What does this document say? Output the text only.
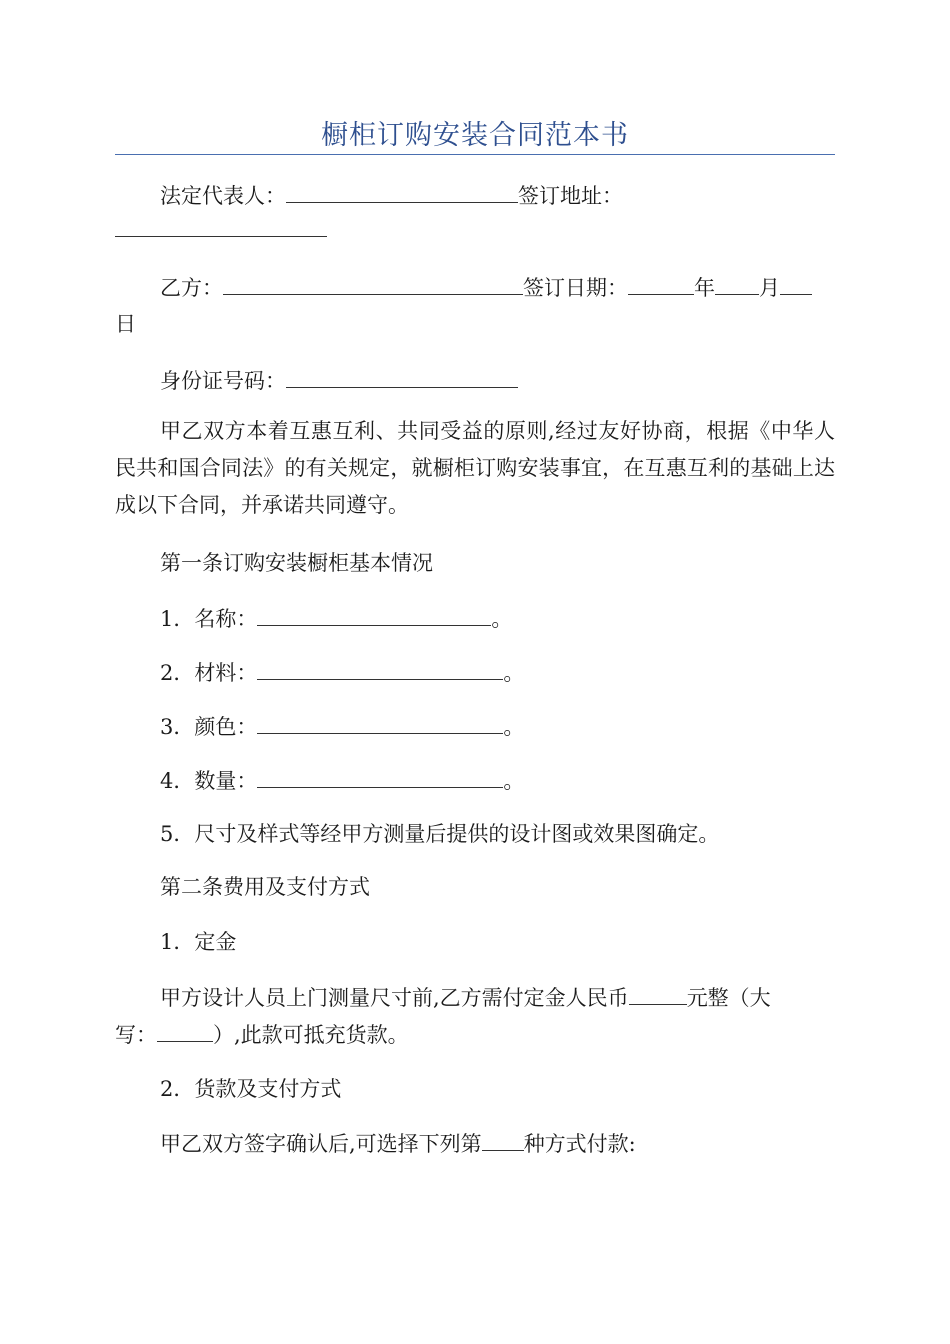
橱柜订购安装合同范本书
法定代表人：	签订地址：
乙方：	签订日期：	年 月
日
身份证号码：
甲乙双方本着互惠互利、共同受益的原则,经过友好协商，根据《中华人民共和国合同法》的有关规定，就橱柜订购安装事宜，在互惠互利的基础上达成以下合同，并承诺共同遵守。
第一条订购安装橱柜基本情况
1．名称：	。
2．材料：	。
3．颜色：	。
4．数量：	。
5．尺寸及样式等经甲方测量后提供的设计图或效果图确定。
第二条费用及支付方式
1．定金
甲方设计人员上门测量尺寸前,乙方需付定金人民币	元整（大
写：	）,此款可抵充货款。
2．货款及支付方式
甲乙双方签字确认后,可选择下列第 种方式付款:
